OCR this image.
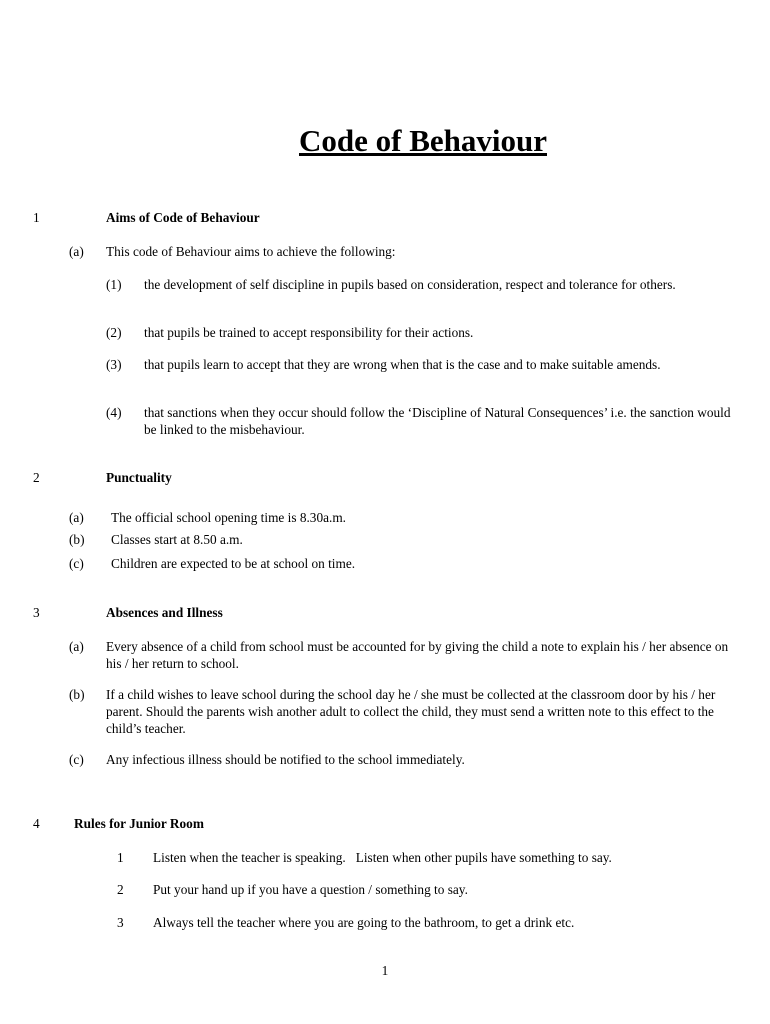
Code of Behaviour
1	Aims of Code of Behaviour
(a) This code of Behaviour aims to achieve the following:
(1) the development of self discipline in pupils based on consideration, respect and tolerance for others.
(2) that pupils be trained to accept responsibility for their actions.
(3) that pupils learn to accept that they are wrong when that is the case and to make suitable amends.
(4) that sanctions when they occur should follow the ‘Discipline of Natural Consequences’ i.e. the sanction would be linked to the misbehaviour.
2	Punctuality
(a) The official school opening time is 8.30a.m.
(b) Classes start at 8.50 a.m.
(c) Children are expected to be at school on time.
3	Absences and Illness
(a) Every absence of a child from school must be accounted for by giving the child a note to explain his / her absence on his / her return to school.
(b) If a child wishes to leave school during the school day he / she must be collected at the classroom door by his / her parent. Should the parents wish another adult to collect the child, they must send a written note to this effect to the child’s teacher.
(c) Any infectious illness should be notified to the school immediately.
4	Rules for Junior Room
1 Listen when the teacher is speaking.   Listen when other pupils have something to say.
2 Put your hand up if you have a question / something to say.
3 Always tell the teacher where you are going to the bathroom, to get a drink etc.
1
